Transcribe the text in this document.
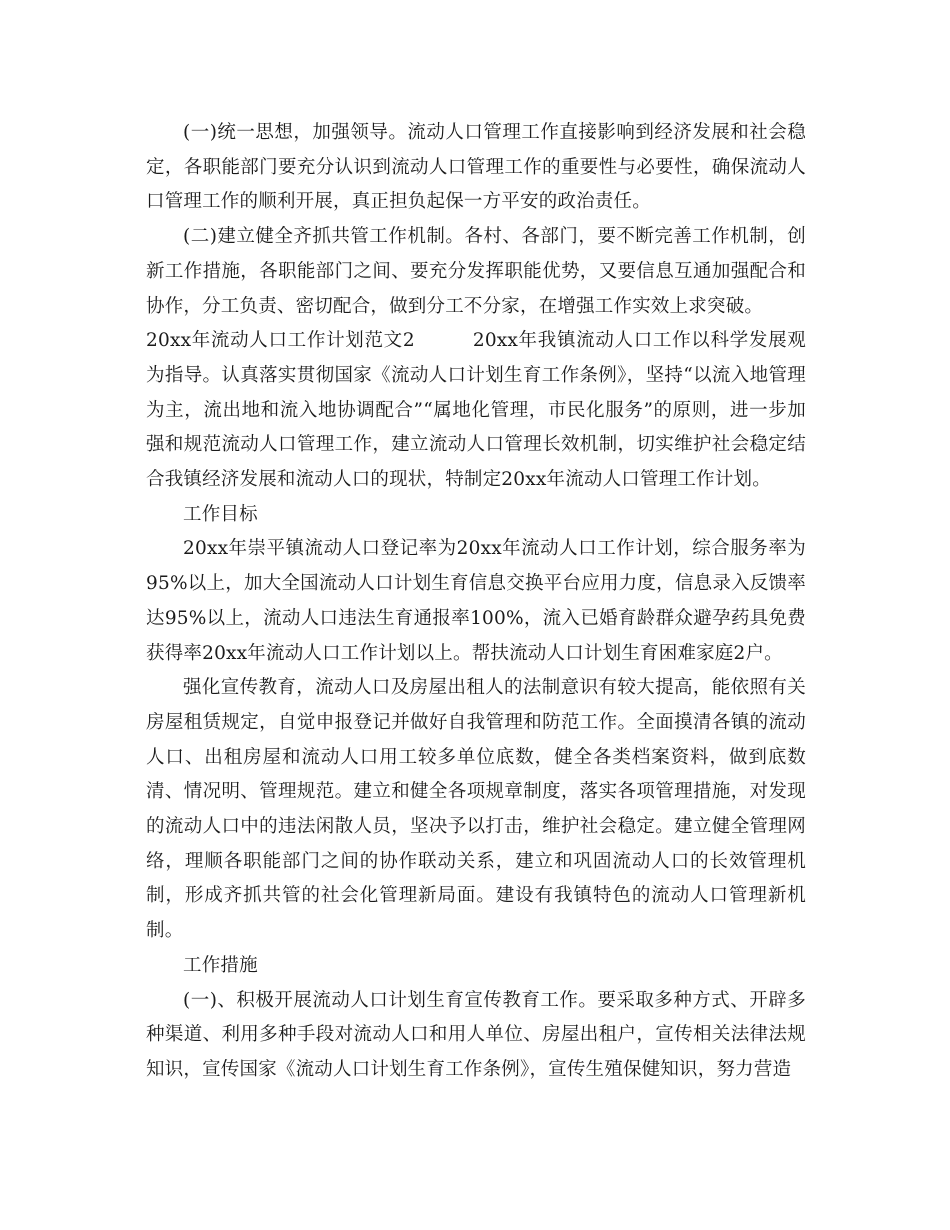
(一)统一思想，加强领导。流动人口管理工作直接影响到经济发展和社会稳定，各职能部门要充分认识到流动人口管理工作的重要性与必要性，确保流动人口管理工作的顺利开展，真正担负起保一方平安的政治责任。

(二)建立健全齐抓共管工作机制。各村、各部门，要不断完善工作机制，创新工作措施，各职能部门之间、要充分发挥职能优势，又要信息互通加强配合和协作，分工负责、密切配合，做到分工不分家，在增强工作实效上求突破。

20xx年流动人口工作计划范文2	20xx年我镇流动人口工作以科学发展观为指导。认真落实贯彻国家《流动人口计划生育工作条例》，坚持“以流入地管理为主，流出地和流入地协调配合”“属地化管理，市民化服务”的原则，进一步加强和规范流动人口管理工作，建立流动人口管理长效机制，切实维护社会稳定结合我镇经济发展和流动人口的现状，特制定20xx年流动人口管理工作计划。

工作目标

20xx年崇平镇流动人口登记率为20xx年流动人口工作计划，综合服务率为95%以上，加大全国流动人口计划生育信息交换平台应用力度，信息录入反馈率达95%以上，流动人口违法生育通报率100%，流入已婚育龄群众避孕药具免费获得率20xx年流动人口工作计划以上。帮扶流动人口计划生育困难家庭2户。

强化宣传教育，流动人口及房屋出租人的法制意识有较大提高，能依照有关房屋租赁规定，自觉申报登记并做好自我管理和防范工作。全面摸清各镇的流动人口、出租房屋和流动人口用工较多单位底数，健全各类档案资料，做到底数清、情况明、管理规范。建立和健全各项规章制度，落实各项管理措施，对发现的流动人口中的违法闲散人员，坚决予以打击，维护社会稳定。建立健全管理网络，理顺各职能部门之间的协作联动关系，建立和巩固流动人口的长效管理机制，形成齐抓共管的社会化管理新局面。建设有我镇特色的流动人口管理新机制。

工作措施

(一)、积极开展流动人口计划生育宣传教育工作。要采取多种方式、开辟多种渠道、利用多种手段对流动人口和用人单位、房屋出租户，宣传相关法律法规知识，宣传国家《流动人口计划生育工作条例》，宣传生殖保健知识，努力营造
